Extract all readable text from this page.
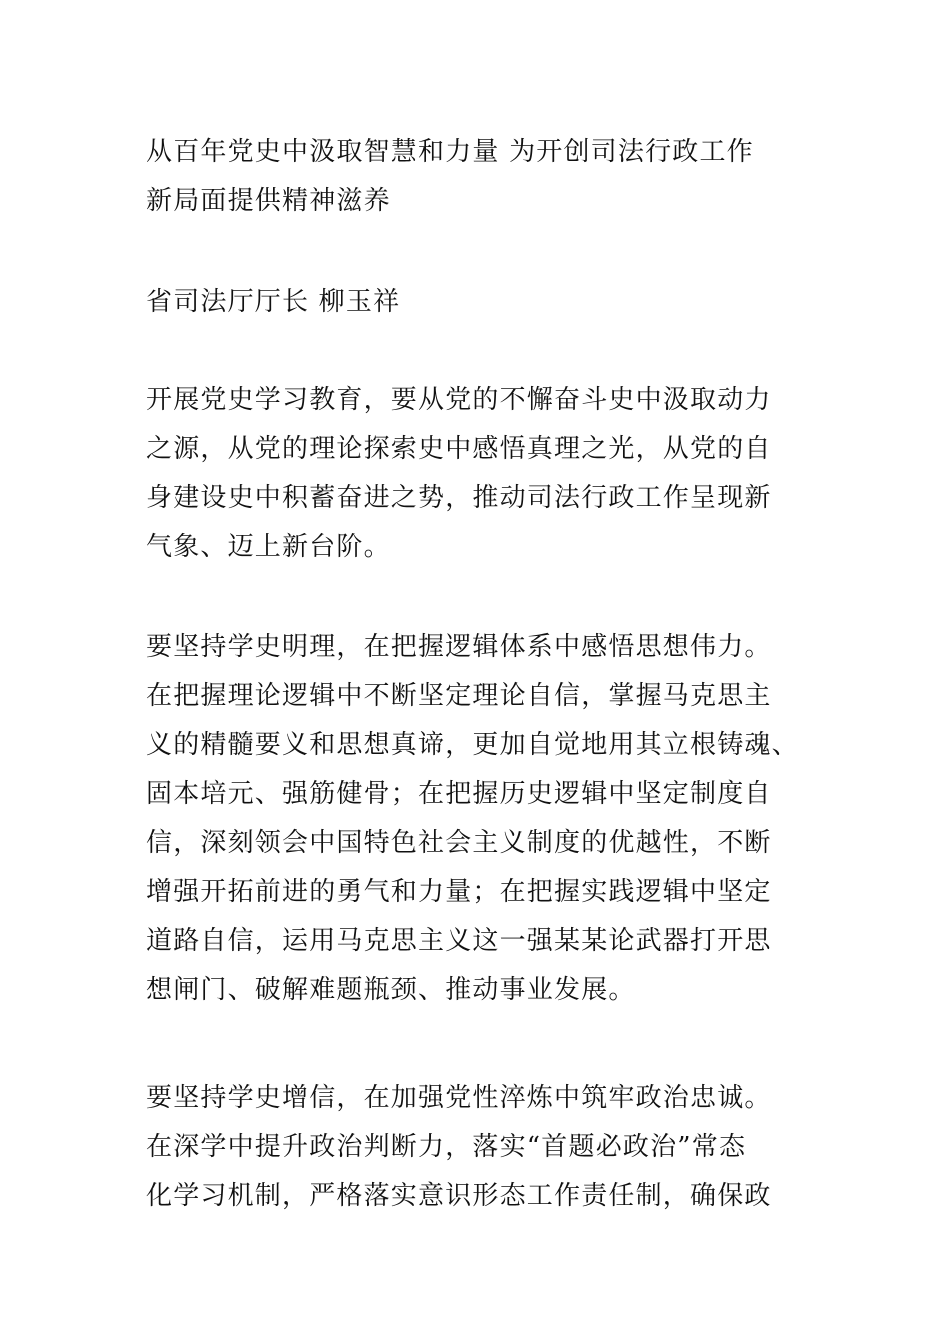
从百年党史中汲取智慧和力量 为开创司法行政工作
新局面提供精神滋养

省司法厅厅长 柳玉祥

开展党史学习教育，要从党的不懈奋斗史中汲取动力
之源，从党的理论探索史中感悟真理之光，从党的自
身建设史中积蓄奋进之势，推动司法行政工作呈现新
气象、迈上新台阶。

要坚持学史明理，在把握逻辑体系中感悟思想伟力。
在把握理论逻辑中不断坚定理论自信，掌握马克思主
义的精髓要义和思想真谛，更加自觉地用其立根铸魂、
固本培元、强筋健骨；在把握历史逻辑中坚定制度自
信，深刻领会中国特色社会主义制度的优越性，不断
增强开拓前进的勇气和力量；在把握实践逻辑中坚定
道路自信，运用马克思主义这一强某某论武器打开思
想闸门、破解难题瓶颈、推动事业发展。

要坚持学史增信，在加强党性淬炼中筑牢政治忠诚。
在深学中提升政治判断力，落实“首题必政治”常态
化学习机制，严格落实意识形态工作责任制，确保政
